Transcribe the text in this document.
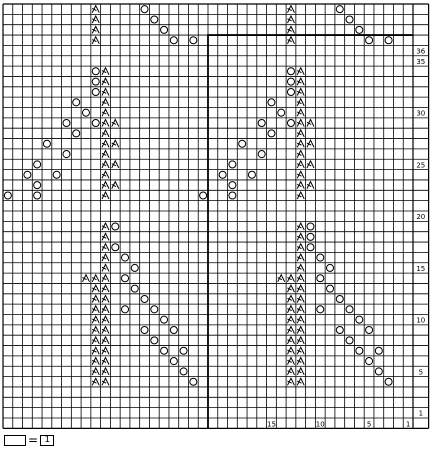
36
35
30
25
20
15
10
5
1
15	10	5	1
= 1
